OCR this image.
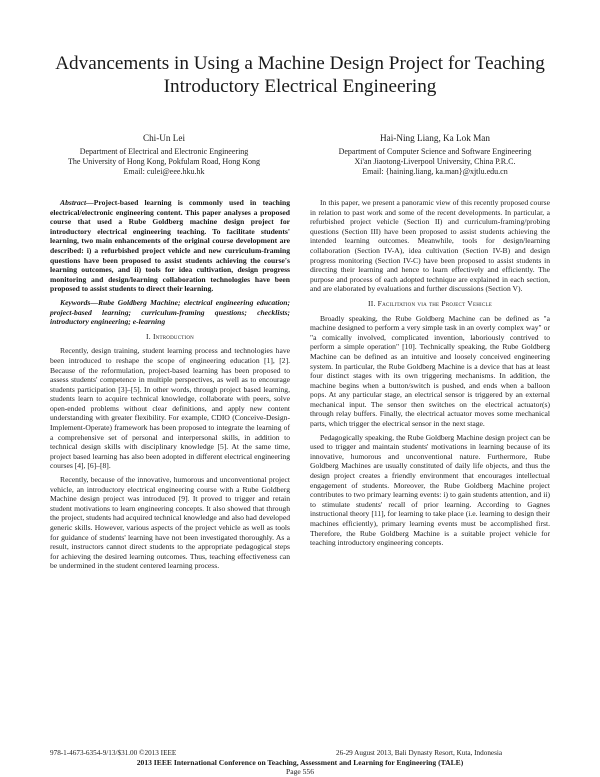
Advancements in Using a Machine Design Project for Teaching Introductory Electrical Engineering
Chi-Un Lei
Department of Electrical and Electronic Engineering
The University of Hong Kong, Pokfulam Road, Hong Kong
Email: culei@eee.hku.hk
Hai-Ning Liang, Ka Lok Man
Department of Computer Science and Software Engineering
Xi'an Jiaotong-Liverpool University, China P.R.C.
Email: {haining.liang, ka.man}@xjtlu.edu.cn

Abstract—Project-based learning is commonly used in teaching electrical/electronic engineering content. This paper analyses a proposed course that used a Rube Goldberg machine design project for introductory electrical engineering teaching. To facilitate students' learning, two main enhancements of the original course development are described: i) a refurbished project vehicle and new curriculum-framing questions have been proposed to assist students achieving the course's learning outcomes, and ii) tools for idea cultivation, design progress monitoring and design/learning collaboration technologies have been proposed to assist students to direct their learning.

Keywords—Rube Goldberg Machine; electrical engineering education; project-based learning; curriculum-framing questions; checklists; introductory engineering; e-learning

I. Introduction

Recently, design training, student learning process and technologies have been introduced to reshape the scope of engineering education [1], [2]. Because of the reformulation, project-based learning has been proposed to assess students' competence in multiple perspectives, as well as to encourage students participation [3]–[5]. In other words, through project based learning, students learn to acquire technical knowledge, collaborate with peers, solve open-ended problems without clear definitions, and apply new content understanding with greater flexibility. For example, CDIO (Conceive-Design-Implement-Operate) framework has been proposed to integrate the learning of a comprehensive set of personal and interpersonal skills, in addition to technical design skills with disciplinary knowledge [5]. At the same time, project based learning has also been adopted in different electrical engineering courses [4], [6]–[8].

Recently, because of the innovative, humorous and unconventional project vehicle, an introductory electrical engineering course with a Rube Goldberg Machine design project was introduced [9]. It proved to trigger and retain student motivations to learn engineering concepts. It also showed that through the project, students had acquired technical knowledge and also had developed generic skills. However, various aspects of the project vehicle as well as tools for guidance of students' learning have not been investigated thoroughly. As a result, instructors cannot direct students to the appropriate pedagogical steps for achieving the desired learning outcomes. Thus, teaching effectiveness can be undermined in the student centered learning process.

In this paper, we present a panoramic view of this recently proposed course in relation to past work and some of the recent developments. In particular, a refurbished project vehicle (Section II) and curriculum-framing/probing questions (Section III) have been proposed to assist students achieving the intended learning outcomes. Meanwhile, tools for design/learning collaboration (Section IV-A), idea cultivation (Section IV-B) and design progress monitoring (Section IV-C) have been proposed to assist students in directing their learning and hence to learn effectively and efficiently. The purpose and process of each adopted technique are explained in each section, and are elaborated by evaluations and further discussions (Section V).

II. Facilitation via the Project Vehicle

Broadly speaking, the Rube Goldberg Machine can be defined as "a machine designed to perform a very simple task in an overly complex way" or "a comically involved, complicated invention, laboriously contrived to perform a simple operation" [10]. Technically speaking, the Rube Goldberg Machine can be defined as an intuitive and loosely conceived engineering system. In particular, the Rube Goldberg Machine is a device that has at least four distinct stages with its own triggering mechanisms. In addition, the machine begins when a button/switch is pushed, and ends when a balloon pops. At any particular stage, an electrical sensor is triggered by an external mechanical input. The sensor then switches on the electrical actuator(s) through relay buffers. Finally, the electrical actuator moves some mechanical parts, which trigger the electrical sensor in the next stage.

Pedagogically speaking, the Rube Goldberg Machine design project can be used to trigger and maintain students' motivations in learning because of its innovative, humorous and unconventional nature. Furthermore, Rube Goldberg Machines are usually constituted of daily life objects, and thus the design project creates a friendly environment that encourages intellectual engagement of students. Moreover, the Rube Goldberg Machine project contributes to two primary learning events: i) to gain students attention, and ii) to stimulate students' recall of prior learning. According to Gagnes instructional theory [11], for learning to take place (i.e. learning to design their machines efficiently), primary learning events must be accomplished first. Therefore, the Rube Goldberg Machine is a suitable project vehicle for teaching introductory engineering concepts.

978-1-4673-6354-9/13/$31.00 ©2013 IEEE	26-29 August 2013, Bali Dynasty Resort, Kuta, Indonesia
2013 IEEE International Conference on Teaching, Assessment and Learning for Engineering (TALE)
Page 556
